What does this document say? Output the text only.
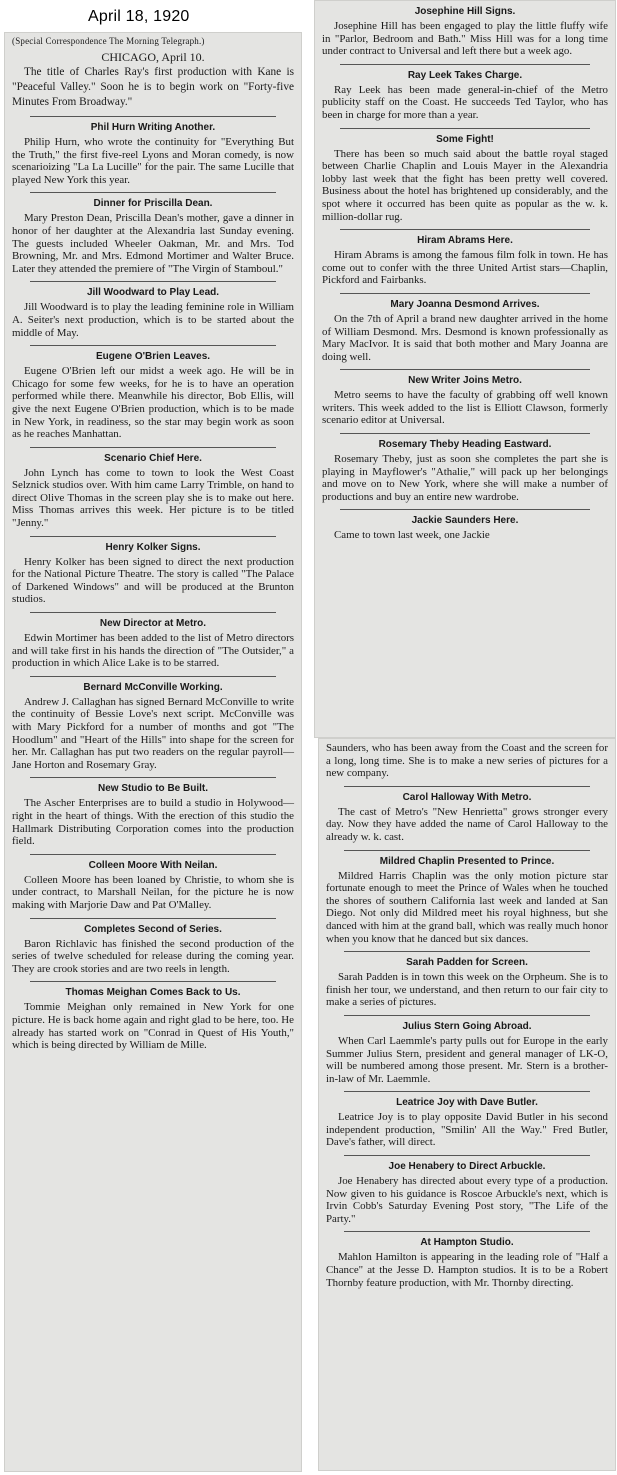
April 18, 1920
(Special Correspondence The Morning Telegraph.)
CHICAGO, April 10.

The title of Charles Ray's first production with Kane is "Peaceful Valley." Soon he is to begin work on "Forty-five Minutes From Broadway."

Phil Hurn Writing Another.

Philip Hurn, who wrote the continuity for "Everything But the Truth," the first five-reel Lyons and Moran comedy, is now scenarioizing "La La Lucille" for the pair. The same Lucille that played New York this year.

Dinner for Priscilla Dean.

Mary Preston Dean, Priscilla Dean's mother, gave a dinner in honor of her daughter at the Alexandria last Sunday evening. The guests included Wheeler Oakman, Mr. and Mrs. Tod Browning, Mr. and Mrs. Edmond Mortimer and Walter Bruce. Later they attended the premiere of "The Virgin of Stamboul."

Jill Woodward to Play Lead.

Jill Woodward is to play the leading feminine role in William A. Seiter's next production, which is to be started about the middle of May.

Eugene O'Brien Leaves.

Eugene O'Brien left our midst a week ago. He will be in Chicago for some few weeks, for he is to have an operation performed while there. Meanwhile his director, Bob Ellis, will give the next Eugene O'Brien production, which is to be made in New York, in readiness, so the star may begin work as soon as he reaches Manhattan.

Scenario Chief Here.

John Lynch has come to town to look the West Coast Selznick studios over. With him came Larry Trimble, on hand to direct Olive Thomas in the screen play she is to make out here. Miss Thomas arrives this week. Her picture is to be titled "Jenny."

Henry Kolker Signs.

Henry Kolker has been signed to direct the next production for the National Picture Theatre. The story is called "The Palace of Darkened Windows" and will be produced at the Brunton studios.

New Director at Metro.

Edwin Mortimer has been added to the list of Metro directors and will take first in his hands the direction of "The Outsider," a production in which Alice Lake is to be starred.

Bernard McConville Working.

Andrew J. Callaghan has signed Bernard McConville to write the continuity of Bessie Love's next script. McConville was with Mary Pickford for a number of months and got "The Hoodlum" and "Heart of the Hills" into shape for the screen for her. Mr. Callaghan has put two readers on the regular payroll—Jane Horton and Rosemary Gray.

New Studio to Be Built.

The Ascher Enterprises are to build a studio in Holywood—right in the heart of things. With the erection of this studio the Hallmark Distributing Corporation comes into the production field.

Colleen Moore With Neilan.

Colleen Moore has been loaned by Christie, to whom she is under contract, to Marshall Neilan, for the picture he is now making with Marjorie Daw and Pat O'Malley.

Completes Second of Series.

Baron Richlavic has finished the second production of the series of twelve scheduled for release during the coming year. They are crook stories and are two reels in length.

Thomas Meighan Comes Back to Us.

Tommie Meighan only remained in New York for one picture. He is back home again and right glad to be here, too. He already has started work on "Conrad in Quest of His Youth," which is being directed by William de Mille.

Josephine Hill Signs.

Josephine Hill has been engaged to play the little fluffy wife in "Parlor, Bedroom and Bath." Miss Hill was for a long time under contract to Universal and left there but a week ago.

Ray Leek Takes Charge.

Ray Leek has been made general-in-chief of the Metro publicity staff on the Coast. He succeeds Ted Taylor, who has been in charge for more than a year.

Some Fight!

There has been so much said about the battle royal staged between Charlie Chaplin and Louis Mayer in the Alexandria lobby last week that the fight has been pretty well covered. Business about the hotel has brightened up considerably, and the spot where it occurred has been quite as popular as the w. k. million-dollar rug.

Hiram Abrams Here.

Hiram Abrams is among the famous film folk in town. He has come out to confer with the three United Artist stars—Chaplin, Pickford and Fairbanks.

Mary Joanna Desmond Arrives.

On the 7th of April a brand new daughter arrived in the home of William Desmond. Mrs. Desmond is known professionally as Mary MacIvor. It is said that both mother and Mary Joanna are doing well.

New Writer Joins Metro.

Metro seems to have the faculty of grabbing off well known writers. This week added to the list is Elliott Clawson, formerly scenario editor at Universal.

Rosemary Theby Heading Eastward.

Rosemary Theby, just as soon she completes the part she is playing in Mayflower's "Athalie," will pack up her belongings and move on to New York, where she will make a number of productions and buy an entire new wardrobe.

Jackie Saunders Here.

Came to town last week, one Jackie

Saunders, who has been away from the Coast and the screen for a long, long time. She is to make a new series of pictures for a new company.

Carol Halloway With Metro.

The cast of Metro's "New Henrietta" grows stronger every day. Now they have added the name of Carol Halloway to the already w. k. cast.

Mildred Chaplin Presented to Prince.

Mildred Harris Chaplin was the only motion picture star fortunate enough to meet the Prince of Wales when he touched the shores of southern California last week and landed at San Diego. Not only did Mildred meet his royal highness, but she danced with him at the grand ball, which was really much honor when you know that he danced but six dances.

Sarah Padden for Screen.

Sarah Padden is in town this week on the Orpheum. She is to finish her tour, we understand, and then return to our fair city to make a series of pictures.

Julius Stern Going Abroad.

When Carl Laemmle's party pulls out for Europe in the early Summer Julius Stern, president and general manager of LK-O, will be numbered among those present. Mr. Stern is a brother-in-law of Mr. Laemmle.

Leatrice Joy with Dave Butler.

Leatrice Joy is to play opposite David Butler in his second independent production, "Smilin' All the Way." Fred Butler, Dave's father, will direct.

Joe Henabery to Direct Arbuckle.

Joe Henabery has directed about every type of a production. Now given to his guidance is Roscoe Arbuckle's next, which is Irvin Cobb's Saturday Evening Post story, "The Life of the Party."

At Hampton Studio.

Mahlon Hamilton is appearing in the leading role of "Half a Chance" at the Jesse D. Hampton studios. It is to be a Robert Thornby feature production, with Mr. Thornby directing.
